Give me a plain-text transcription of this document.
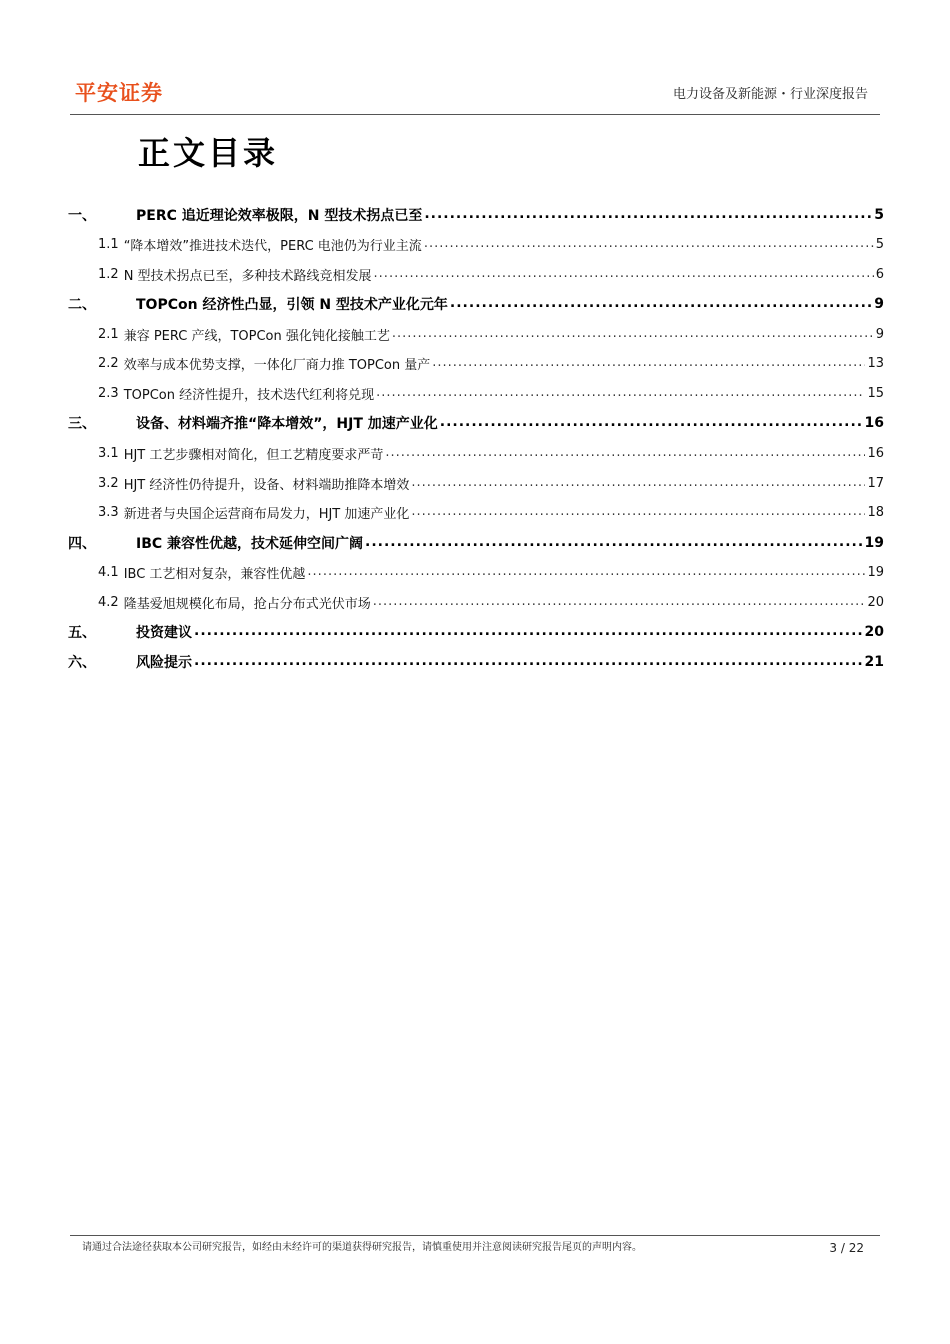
平安证券	电力设备及新能源・行业深度报告
正文目录
一、	PERC 追近理论效率极限，N 型技术拐点已至 .....	5
1.1 “降本增效”推进技术迭代，PERC 电池仍为行业主流 .....	5
1.2 N 型技术拐点已至，多种技术路线竞相发展 .....	6
二、	TOPCon 经济性凸显，引领 N 型技术产业化元年 .....	9
2.1 兼容 PERC 产线，TOPCon 强化钝化接触工艺 .....	9
2.2 效率与成本优势支撑，一体化厂商力推 TOPCon 量产 .....	13
2.3 TOPCon 经济性提升，技术迭代红利将兑现 .....	15
三、	设备、材料端齐推“降本增效”，HJT 加速产业化 .....	16
3.1 HJT 工艺步骤相对简化，但工艺精度要求严苛 .....	16
3.2 HJT 经济性仍待提升，设备、材料端助推降本增效 .....	17
3.3 新进者与央国企运营商布局发力，HJT 加速产业化 .....	18
四、	IBC 兼容性优越，技术延伸空间广阔 .....	19
4.1 IBC 工艺相对复杂，兼容性优越 .....	19
4.2 隆基爱旭规模化布局，抢占分布式光伏市场 .....	20
五、	投资建议 .....	20
六、	风险提示 .....	21
请通过合法途径获取本公司研究报告，如经由未经许可的渠道获得研究报告，请慎重使用并注意阅读研究报告尾页的声明内容。	3 / 22
